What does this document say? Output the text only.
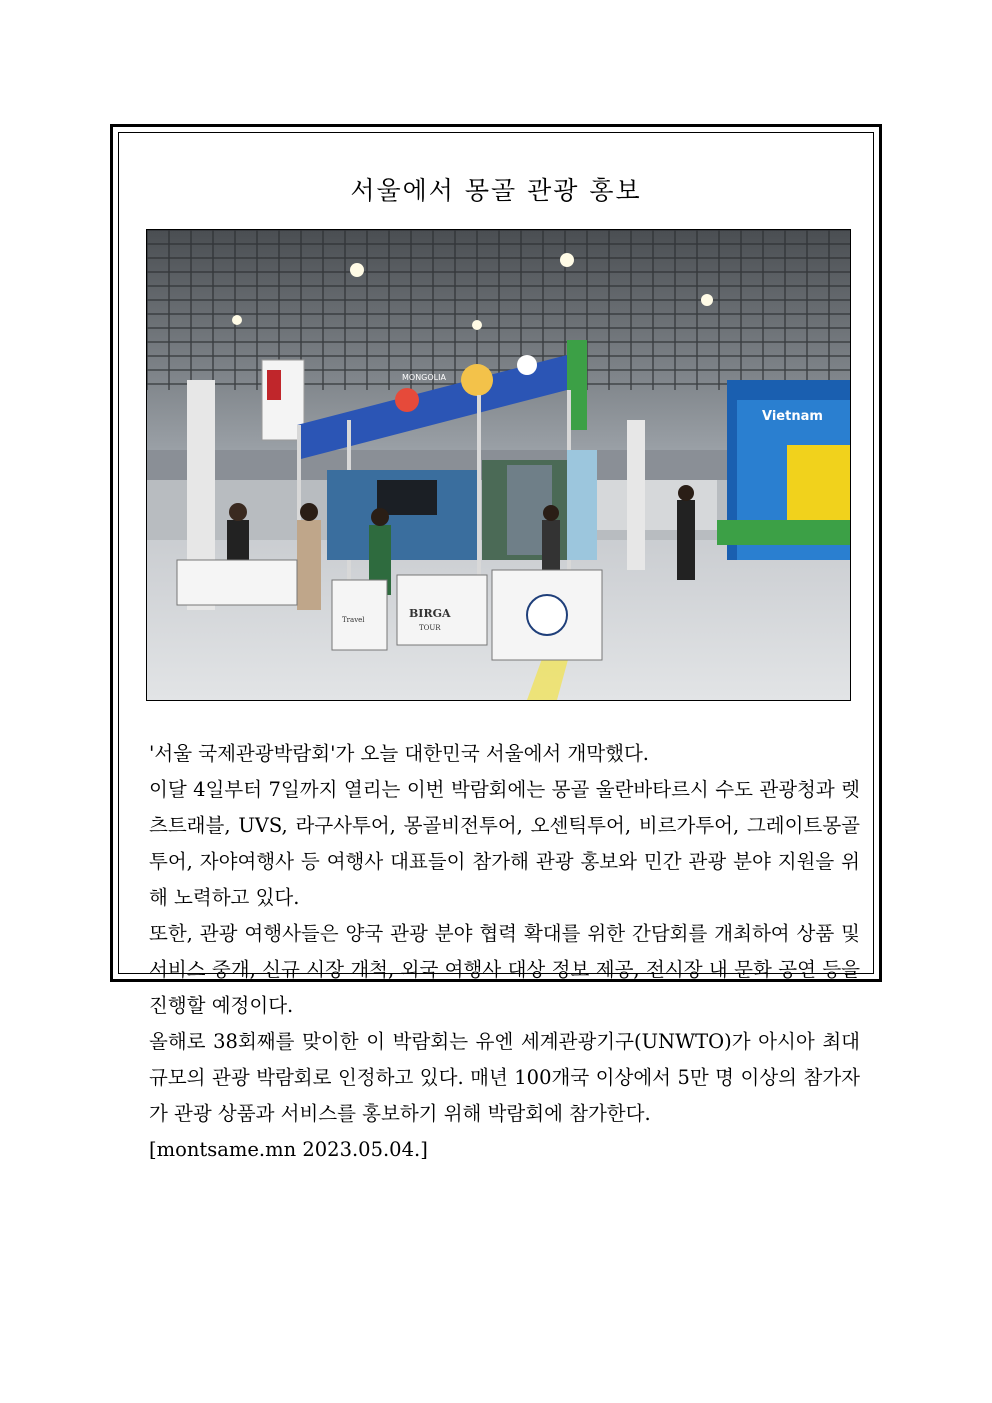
서울에서 몽골 관광 홍보
MONGOLIA
BIRGA
TOUR
Travel
Vietnam

'서울 국제관광박람회'가 오늘 대한민국 서울에서 개막했다.

이달 4일부터 7일까지 열리는 이번 박람회에는 몽골 울란바타르시 수도 관광청과 렛츠트래블, UVS, 라구사투어, 몽골비전투어, 오센틱투어, 비르가투어, 그레이트몽골투어, 자야여행사 등 여행사 대표들이 참가해 관광 홍보와 민간 관광 분야 지원을 위해 노력하고 있다.

또한, 관광 여행사들은 양국 관광 분야 협력 확대를 위한 간담회를 개최하여 상품 및 서비스 중개, 신규 시장 개척, 외국 여행사 대상 정보 제공, 전시장 내 문화 공연 등을 진행할 예정이다.

올해로 38회째를 맞이한 이 박람회는 유엔 세계관광기구(UNWTO)가 아시아 최대 규모의 관광 박람회로 인정하고 있다. 매년 100개국 이상에서 5만 명 이상의 참가자가 관광 상품과 서비스를 홍보하기 위해 박람회에 참가한다.

[montsame.mn 2023.05.04.]
